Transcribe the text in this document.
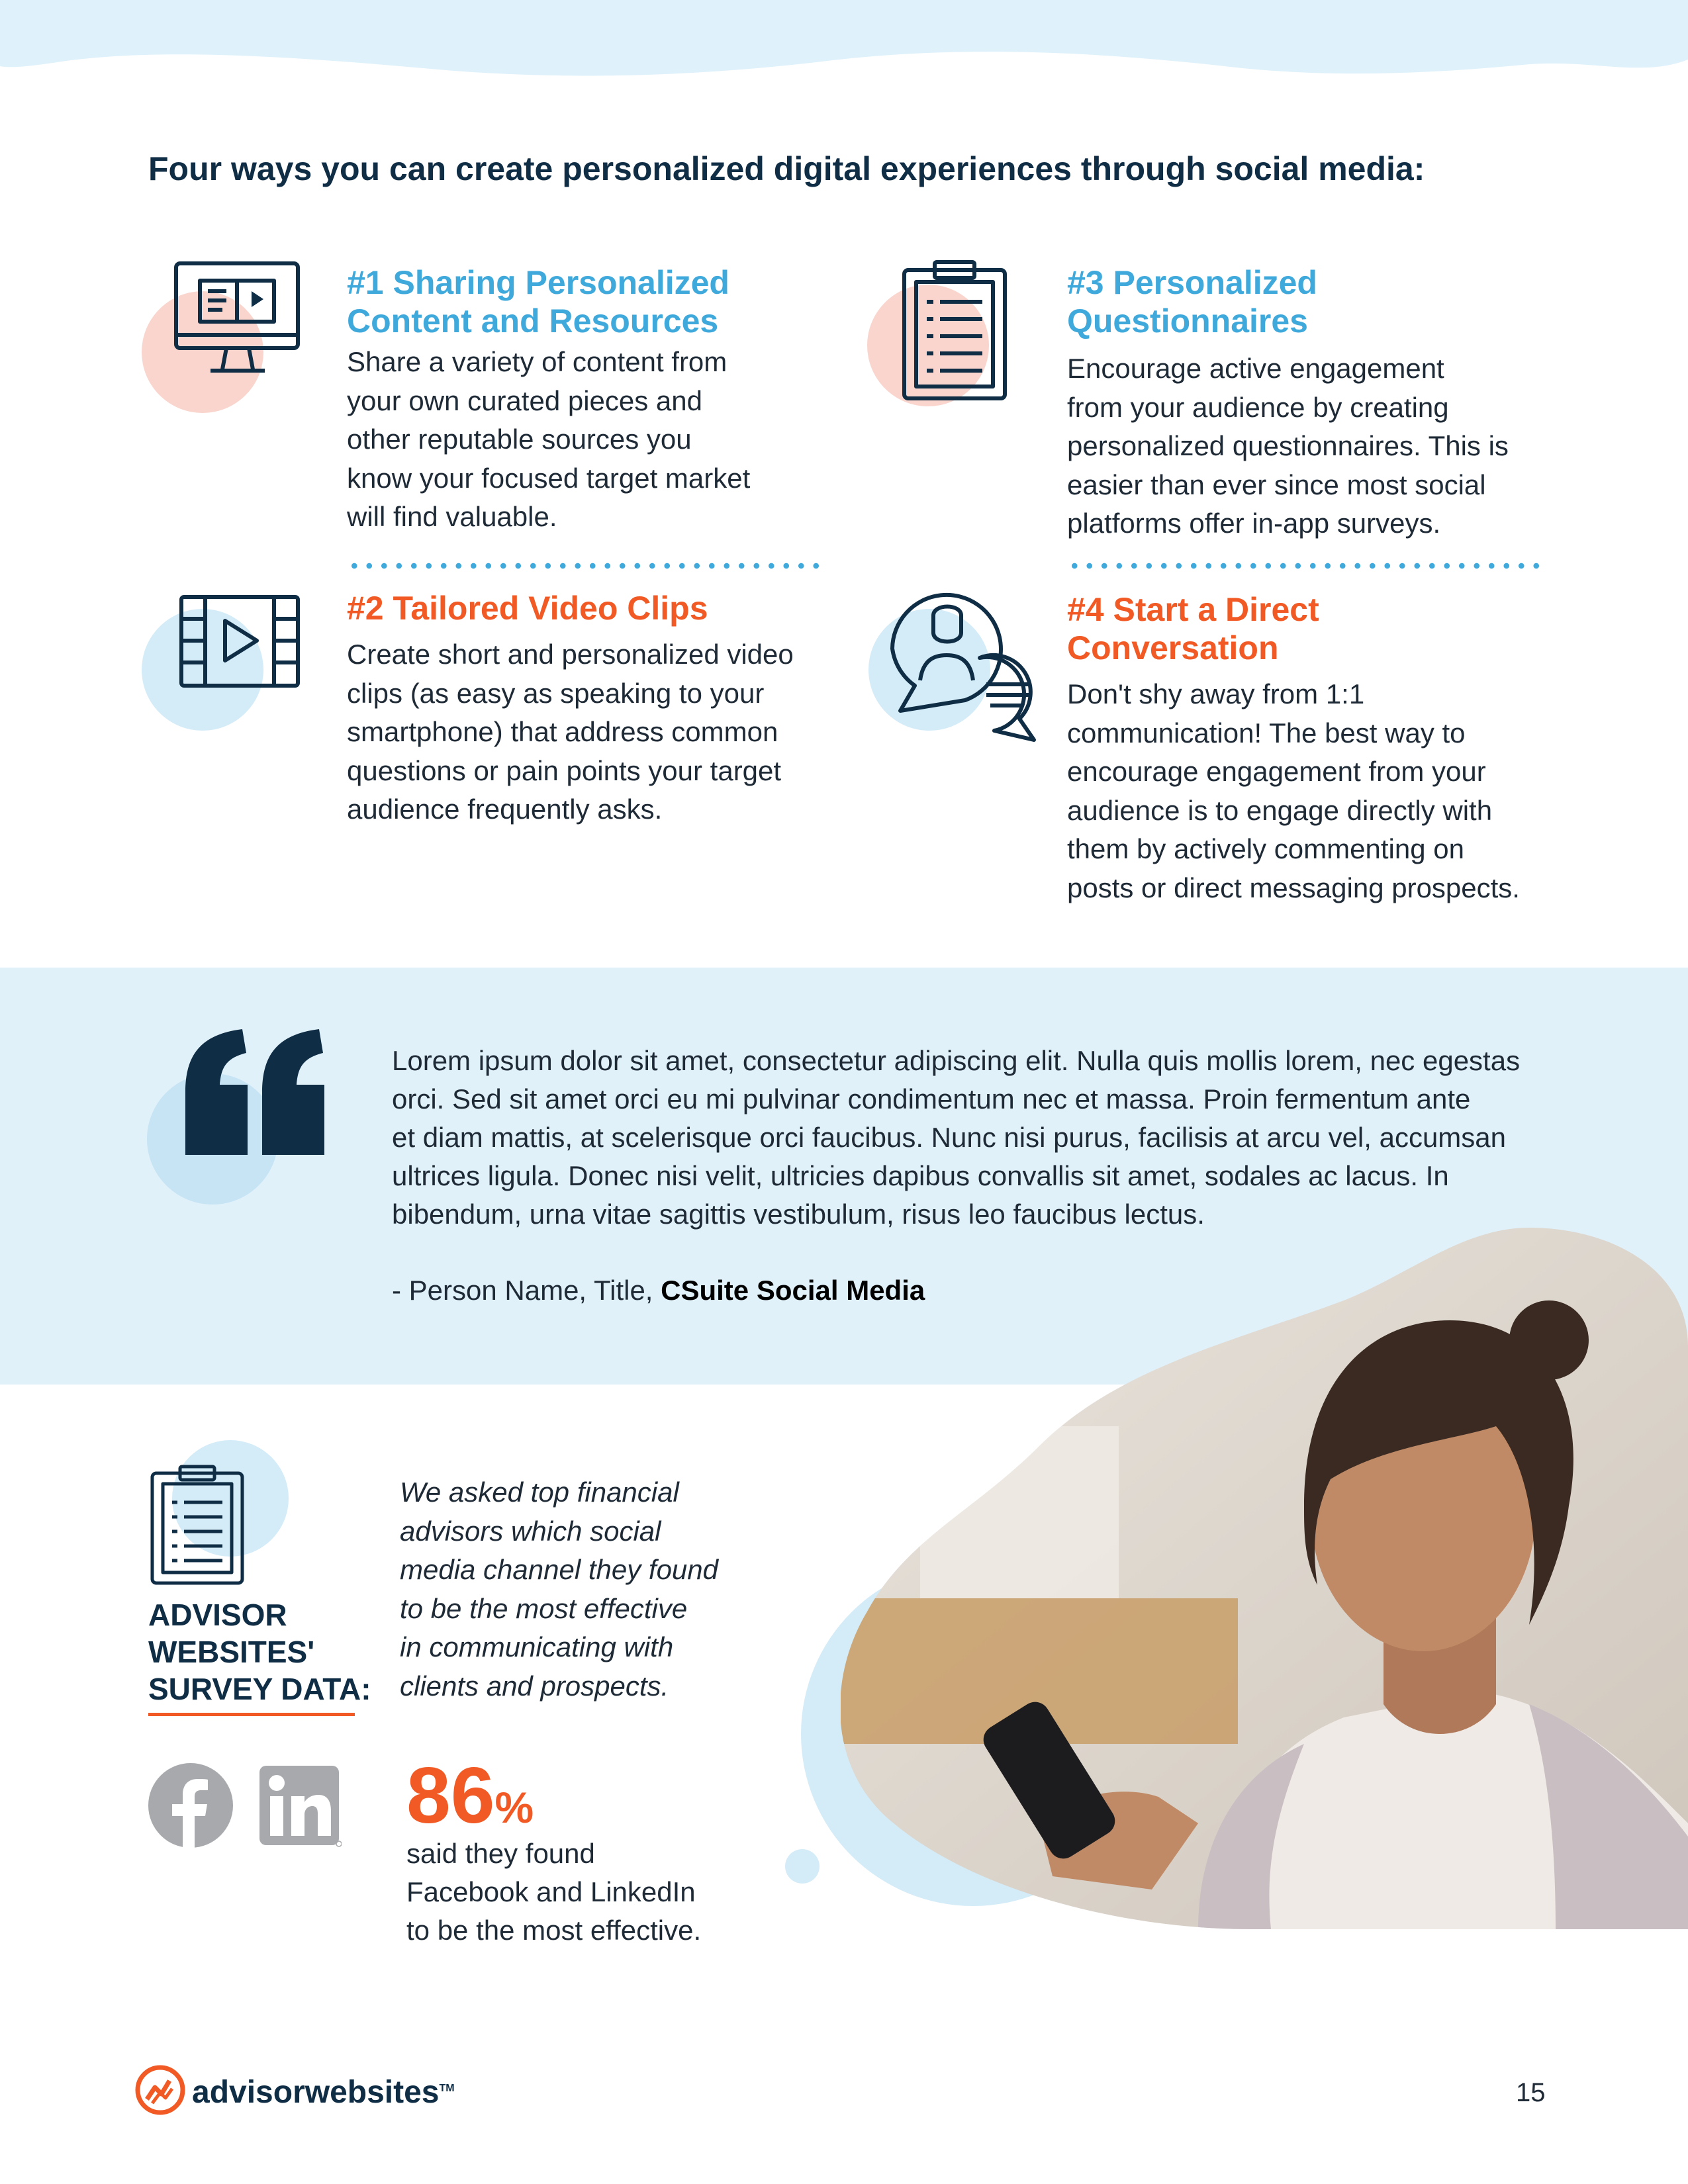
Four ways you can create personalized digital experiences through social media:
#1 Sharing Personalized
Content and Resources
Share a variety of content from
your own curated pieces and
other reputable sources you
know your focused target market
will find valuable.
#2 Tailored Video Clips
Create short and personalized video
clips (as easy as speaking to your
smartphone) that address common
questions or pain points your target
audience frequently asks.
#3 Personalized
Questionnaires
Encourage active engagement
from your audience by creating
personalized questionnaires. This is
easier than ever since most social
platforms offer in-app surveys.
#4 Start a Direct
Conversation
Don't shy away from 1:1
communication! The best way to
encourage engagement from your
audience is to engage directly with
them by actively commenting on
posts or direct messaging prospects.
Lorem ipsum dolor sit amet, consectetur adipiscing elit. Nulla quis mollis lorem, nec egestas
orci. Sed sit amet orci eu mi pulvinar condimentum nec et massa. Proin fermentum ante
et diam mattis, at scelerisque orci faucibus. Nunc nisi purus, facilisis at arcu vel, accumsan
ultrices ligula. Donec nisi velit, ultricies dapibus convallis sit amet, sodales ac lacus. In
bibendum, urna vitae sagittis vestibulum, risus leo faucibus lectus.
- Person Name, Title, CSuite Social Media
ADVISOR
WEBSITES'
SURVEY DATA:
We asked top financial
advisors which social
media channel they found
to be the most effective
in communicating with
clients and prospects.
86%
said they found
Facebook and LinkedIn
to be the most effective.
advisorwebsites™	15
